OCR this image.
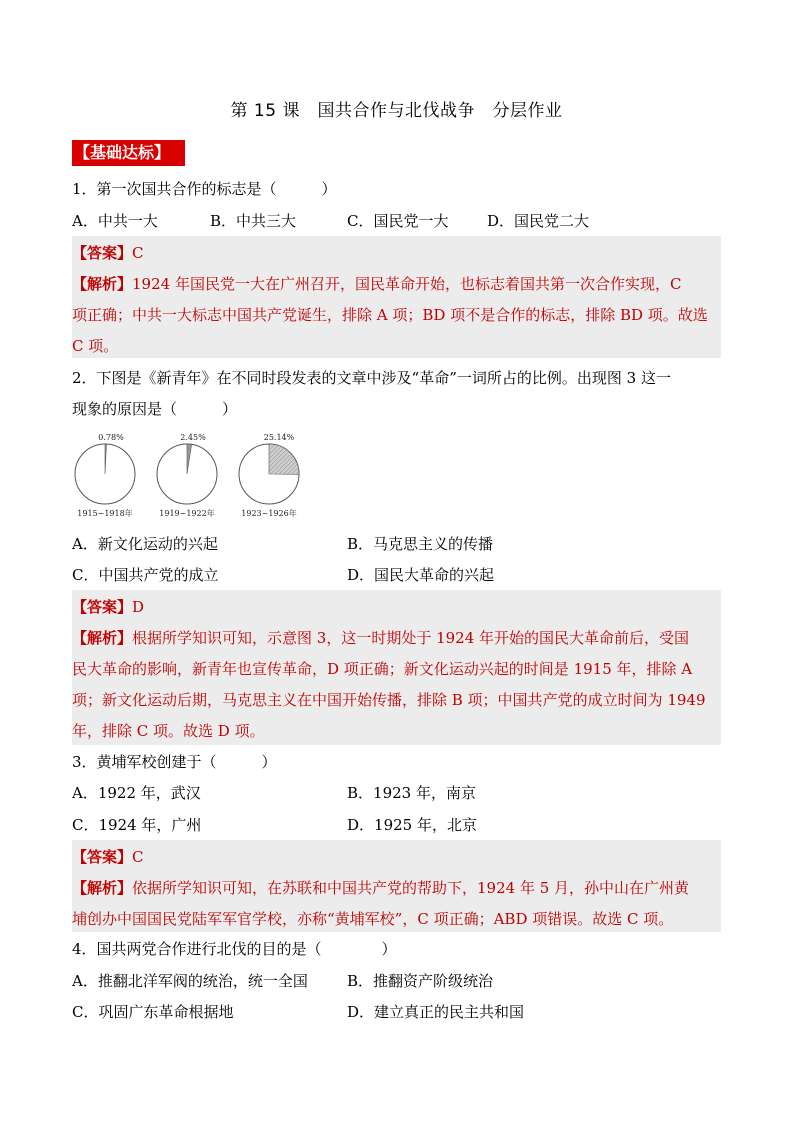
第 15 课　国共合作与北伐战争　分层作业
【基础达标】
1．第一次国共合作的标志是（　　　）
A．中共一大	B．中共三大	C．国民党一大	D．国民党二大
【答案】C
【解析】1924 年国民党一大在广州召开，国民革命开始，也标志着国共第一次合作实现，C
项正确；中共一大标志中国共产党诞生，排除 A 项；BD 项不是合作的标志，排除 BD 项。故选
C 项。
2．下图是《新青年》在不同时段发表的文章中涉及“革命”一词所占的比例。出现图 3 这一
现象的原因是（　　　）
0.78%
1915~1918年
2.45%
1919~1922年
25.14%
1923~1926年
A．新文化运动的兴起	B．马克思主义的传播
C．中国共产党的成立	D．国民大革命的兴起
【答案】D
【解析】根据所学知识可知，示意图 3，这一时期处于 1924 年开始的国民大革命前后，受国
民大革命的影响，新青年也宣传革命，D 项正确；新文化运动兴起的时间是 1915 年，排除 A
项；新文化运动后期，马克思主义在中国开始传播，排除 B 项；中国共产党的成立时间为 1949
年，排除 C 项。故选 D 项。
3．黄埔军校创建于（　　　）
A．1922 年，武汉	B．1923 年，南京
C．1924 年，广州	D．1925 年，北京
【答案】C
【解析】依据所学知识可知，在苏联和中国共产党的帮助下，1924 年 5 月，孙中山在广州黄
埔创办中国国民党陆军军官学校，亦称“黄埔军校”，C 项正确；ABD 项错误。故选 C 项。
4．国共两党合作进行北伐的目的是（　　　　）
A．推翻北洋军阀的统治，统一全国	B．推翻资产阶级统治
C．巩固广东革命根据地	D．建立真正的民主共和国
